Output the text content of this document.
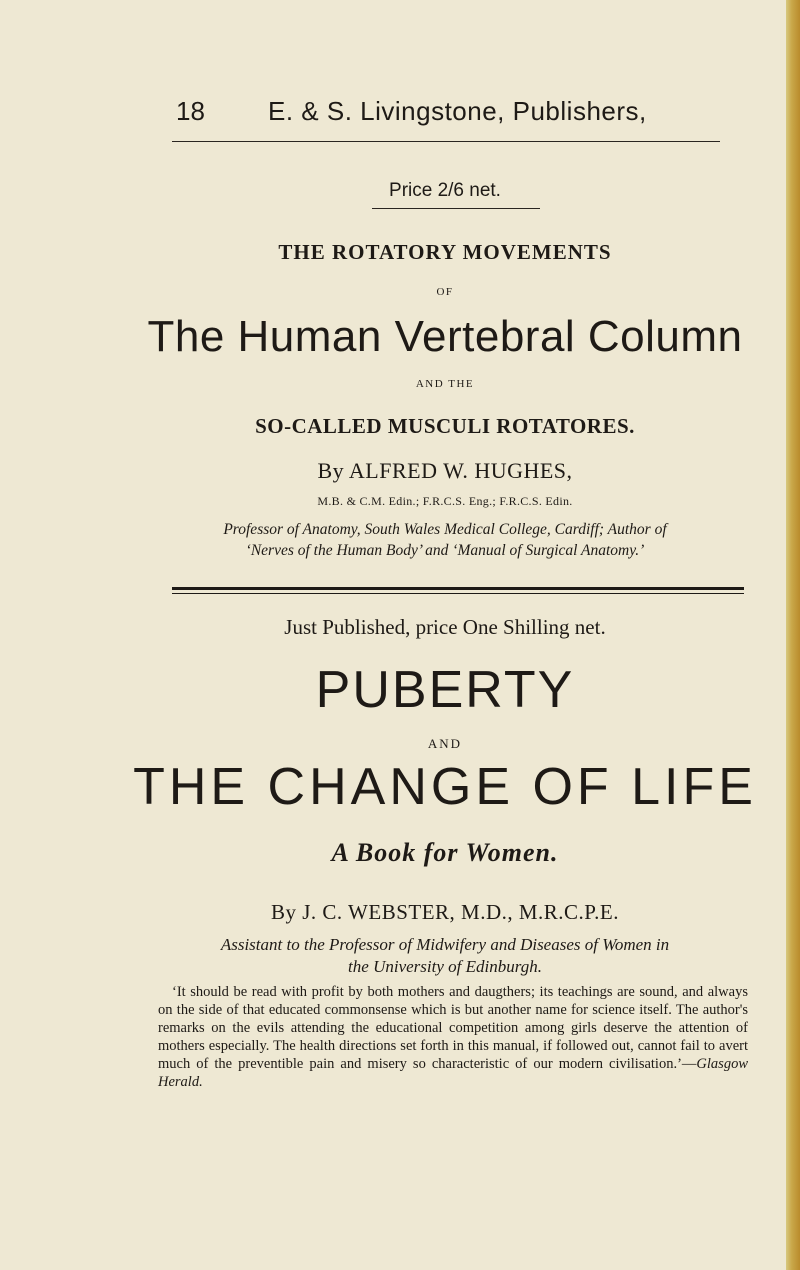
18 E. & S. Livingstone, Publishers,
Price 2/6 net.
THE ROTATORY MOVEMENTS
OF
The Human Vertebral Column
AND THE
SO-CALLED MUSCULI ROTATORES.
By ALFRED W. HUGHES,
M.B. & C.M. Edin.; F.R.C.S. Eng.; F.R.C.S. Edin.
Professor of Anatomy, South Wales Medical College, Cardiff; Author of
‘Nerves of the Human Body’ and ‘Manual of Surgical Anatomy.’
Just Published, price One Shilling net.
PUBERTY
AND
THE CHANGE OF LIFE
A Book for Women.
By J. C. WEBSTER, M.D., M.R.C.P.E.
Assistant to the Professor of Midwifery and Diseases of Women in
the University of Edinburgh.
‘It should be read with profit by both mothers and daugthers; its teachings are sound, and always on the side of that educated commonsense which is but another name for science itself. The author's remarks on the evils attending the educational competition among girls deserve the attention of mothers especially. The health directions set forth in this manual, if followed out, cannot fail to avert much of the preventible pain and misery so characteristic of our modern civilisation.’—Glasgow Herald.
